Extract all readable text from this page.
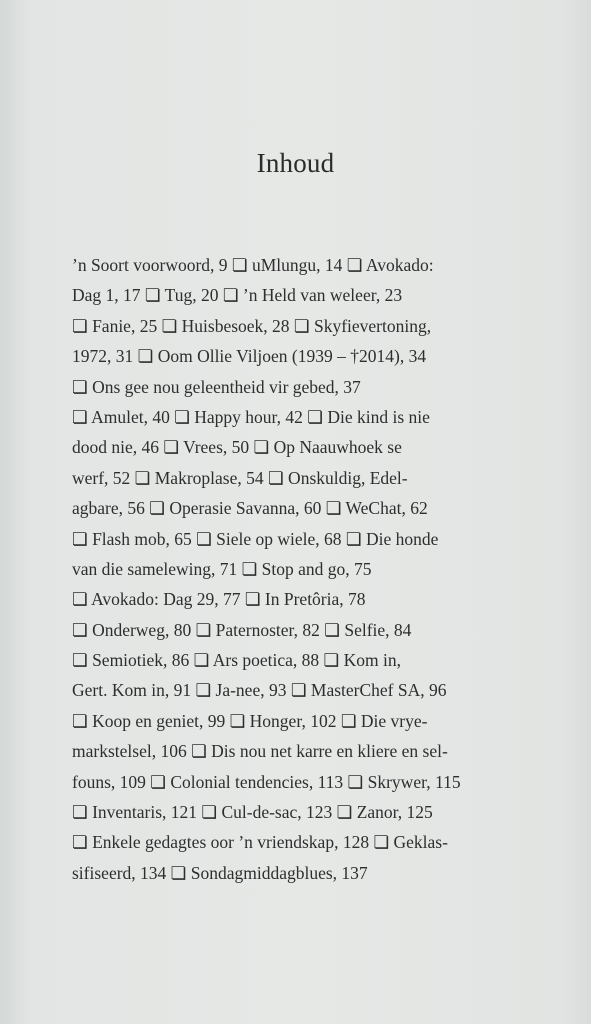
Inhoud
’n Soort voorwoord, 9 ❏ uMlungu, 14 ❏ Avokado:
Dag 1, 17 ❏ Tug, 20 ❏ ’n Held van weleer, 23
❏ Fanie, 25 ❏ Huisbesoek, 28 ❏ Skyfievertoning,
1972, 31 ❏ Oom Ollie Viljoen (1939 – †2014), 34
❏ Ons gee nou geleentheid vir gebed, 37
❏ Amulet, 40 ❏ Happy hour, 42 ❏ Die kind is nie
dood nie, 46 ❏ Vrees, 50 ❏ Op Naauwhoek se
werf, 52 ❏ Makroplase, 54 ❏ Onskuldig, Edel-
agbare, 56 ❏ Operasie Savanna, 60 ❏ WeChat, 62
❏ Flash mob, 65 ❏ Siele op wiele, 68 ❏ Die honde
van die samelewing, 71 ❏ Stop and go, 75
❏ Avokado: Dag 29, 77 ❏ In Pretôria, 78
❏ Onderweg, 80 ❏ Paternoster, 82 ❏ Selfie, 84
❏ Semiotiek, 86 ❏ Ars poetica, 88 ❏ Kom in,
Gert. Kom in, 91 ❏ Ja-nee, 93 ❏ MasterChef SA, 96
❏ Koop en geniet, 99 ❏ Honger, 102 ❏ Die vrye-
markstelsel, 106 ❏ Dis nou net karre en kliere en sel-
founs, 109 ❏ Colonial tendencies, 113 ❏ Skrywer, 115
❏ Inventaris, 121 ❏ Cul-de-sac, 123 ❏ Zanor, 125
❏ Enkele gedagtes oor ’n vriendskap, 128 ❏ Geklas-
sifiseerd, 134 ❏ Sondagmiddagblues, 137
